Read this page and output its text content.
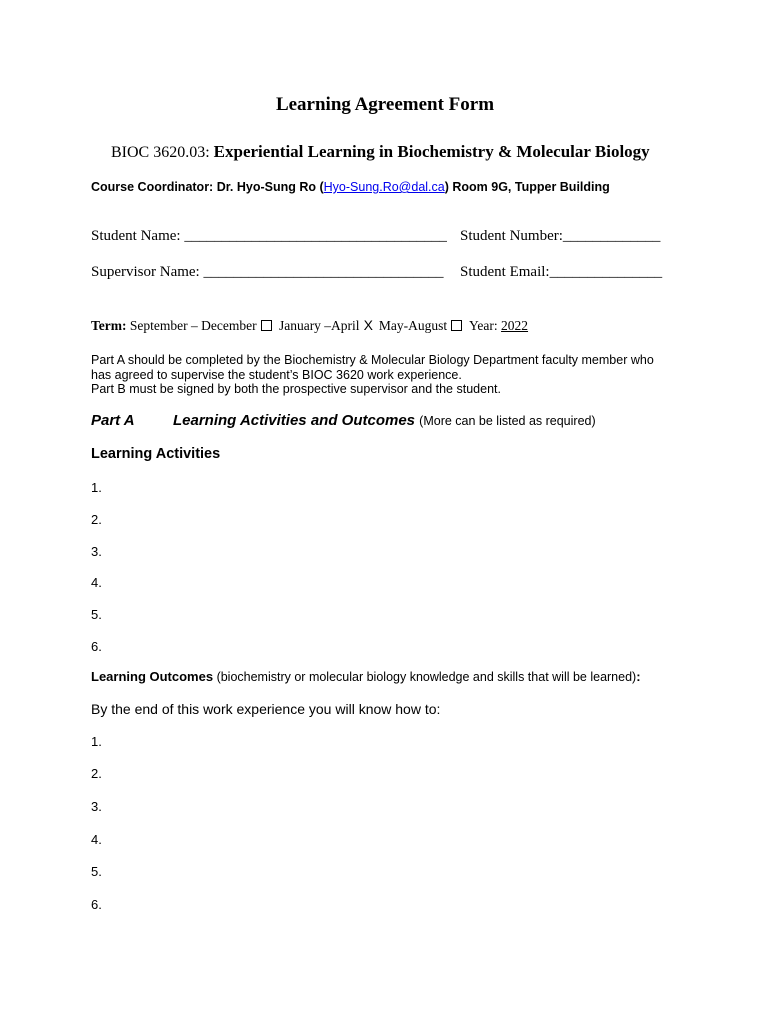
Learning Agreement Form
BIOC 3620.03: Experiential Learning in Biochemistry & Molecular Biology
Course Coordinator: Dr. Hyo-Sung Ro (Hyo-Sung.Ro@dal.ca) Room 9G, Tupper Building
Student Name: ___________________________________ Student Number:_____________
Supervisor Name: ________________________________ Student Email:_______________
Term: September – December January –April X May-August Year: 2022
Part A should be completed by the Biochemistry & Molecular Biology Department faculty member who has agreed to supervise the student’s BIOC 3620 work experience.
Part B must be signed by both the prospective supervisor and the student.
Part A	Learning Activities and Outcomes (More can be listed as required)
Learning Activities
1.
2.
3.
4.
5.
6.
Learning Outcomes (biochemistry or molecular biology knowledge and skills that will be learned):
By the end of this work experience you will know how to:
1.
2.
3.
4.
5.
6.
